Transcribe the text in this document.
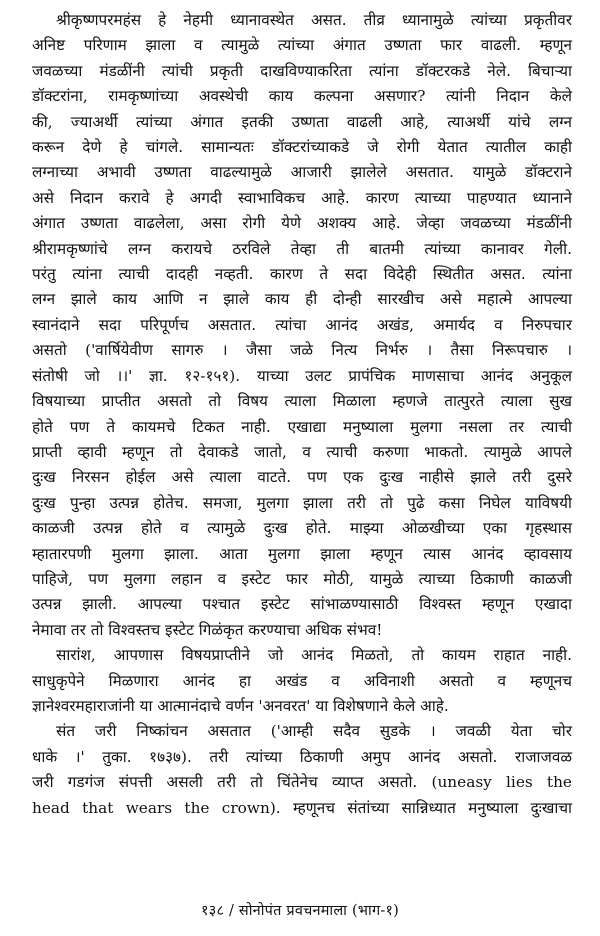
श्रीकृष्णपरमहंस हे नेहमी ध्यानावस्थेत असत. तीव्र ध्यानामुळे त्यांच्या प्रकृतीवर
अनिष्ट परिणाम झाला व त्यामुळे त्यांच्या अंगात उष्णता फार वाढली. म्हणून
जवळच्या मंडळींनी त्यांची प्रकृती दाखविण्याकरिता त्यांना डॉक्टरकडे नेले. बिचाऱ्या
डॉक्टरांना, रामकृष्णांच्या अवस्थेची काय कल्पना असणार? त्यांनी निदान केले
की, ज्याअर्थी त्यांच्या अंगात इतकी उष्णता वाढली आहे, त्याअर्थी यांचे लग्न
करून देणे हे चांगले. सामान्यतः डॉक्टरांच्याकडे जे रोगी येतात त्यातील काही
लग्नाच्या अभावी उष्णता वाढल्यामुळे आजारी झालेले असतात. यामुळे डॉक्टराने
असे निदान करावे हे अगदी स्वाभाविकच आहे. कारण त्याच्या पाहण्यात ध्यानाने
अंगात उष्णता वाढलेला, असा रोगी येणे अशक्य आहे. जेव्हा जवळच्या मंडळींनी
श्रीरामकृष्णांचे लग्न करायचे ठरविले तेव्हा ती बातमी त्यांच्या कानावर गेली.
परंतु त्यांना त्याची दादही नव्हती. कारण ते सदा विदेही स्थितीत असत. त्यांना
लग्न झाले काय आणि न झाले काय ही दोन्ही सारखीच असे महात्मे आपल्या
स्वानंदाने सदा परिपूर्णच असतात. त्यांचा आनंद अखंड, अमार्यद व निरुपचार
असतो ('वार्षियेवीण सागरु । जैसा जळे नित्य निर्भरु । तैसा निरूपचारु ।
संतोषी जो ।।' ज्ञा. १२-१५१). याच्या उलट प्रापंचिक माणसाचा आनंद अनुकूल
विषयाच्या प्राप्तीत असतो तो विषय त्याला मिळाला म्हणजे तात्पुरते त्याला सुख
होते पण ते कायमचे टिकत नाही. एखाद्या मनुष्याला मुलगा नसला तर त्याची
प्राप्ती व्हावी म्हणून तो देवाकडे जातो, व त्याची करुणा भाकतो. त्यामुळे आपले
दुःख निरसन होईल असे त्याला वाटते. पण एक दुःख नाहीसे झाले तरी दुसरे
दुःख पुन्हा उत्पन्न होतेच. समजा, मुलगा झाला तरी तो पुढे कसा निघेल याविषयी
काळजी उत्पन्न होते व त्यामुळे दुःख होते. माझ्या ओळखीच्या एका गृहस्थास
म्हातारपणी मुलगा झाला. आता मुलगा झाला म्हणून त्यास आनंद व्हावसाय
पाहिजे, पण मुलगा लहान व इस्टेट फार मोठी, यामुळे त्याच्या ठिकाणी काळजी
उत्पन्न झाली. आपल्या पश्चात इस्टेट सांभाळण्यासाठी विश्वस्त म्हणून एखादा
नेमावा तर तो विश्वस्तच इस्टेट गिळंकृत करण्याचा अधिक संभव!
सारांश, आपणास विषयप्राप्तीने जो आनंद मिळतो, तो कायम राहात नाही.
साधुकृपेने मिळणारा आनंद हा अखंड व अविनाशी असतो व म्हणूनच
ज्ञानेश्वरमहाराजांनी या आत्मानंदाचे वर्णन 'अनवरत' या विशेषणाने केले आहे.
संत जरी निष्कांचन असतात ('आम्ही सदैव सुडके । जवळी येता चोर
धाके ।' तुका. १७३७). तरी त्यांच्या ठिकाणी अमुप आनंद असतो. राजाजवळ
जरी गडगंज संपत्ती असली तरी तो चिंतेनेच व्याप्त असतो. (uneasy lies the
head that wears the crown). म्हणूनच संतांच्या सान्निध्यात मनुष्याला दुःखाचा
१३८ / सोनोपंत प्रवचनमाला (भाग-१)
